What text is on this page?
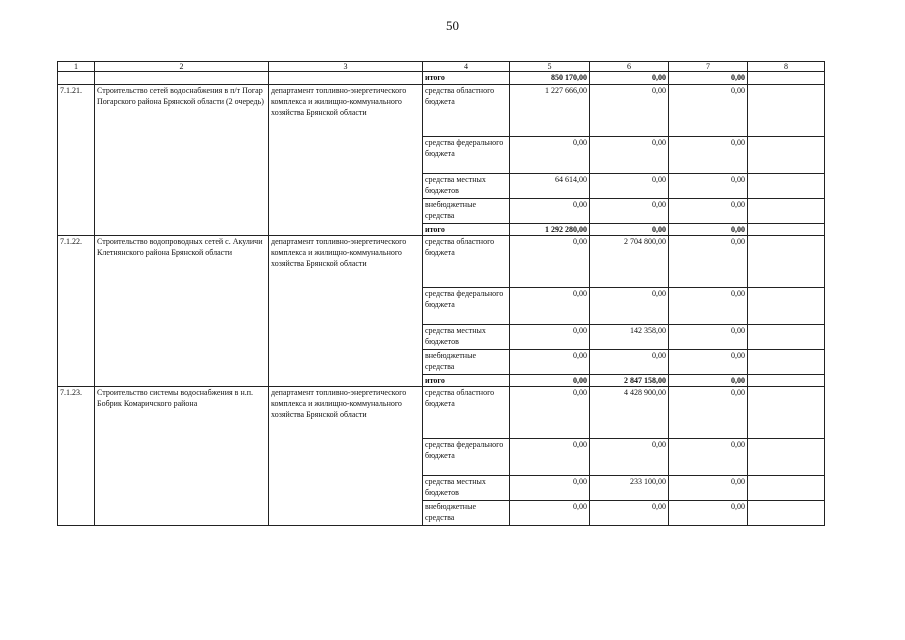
50
1	2	3	4	5	6	7	8
			итого	850 170,00	0,00	0,00	
7.1.21.	Строительство сетей водоснабжения в п/т Погар Погарского района Брянской области (2 очередь)	департамент топливно-энергетического комплекса и жилищно-коммунального хозяйства Брянской области	средства областного бюджета	1 227 666,00	0,00	0,00	
			средства федерального бюджета	0,00	0,00	0,00	
			средства местных бюджетов	64 614,00	0,00	0,00	
			внебюджетные средства	0,00	0,00	0,00	
			итого	1 292 280,00	0,00	0,00	
7.1.22.	Строительство водопроводных сетей с. Акуличи Клетнянского района Брянской области	департамент топливно-энергетического комплекса и жилищно-коммунального хозяйства Брянской области	средства областного бюджета	0,00	2 704 800,00	0,00	
			средства федерального бюджета	0,00	0,00	0,00	
			средства местных бюджетов	0,00	142 358,00	0,00	
			внебюджетные средства	0,00	0,00	0,00	
			итого	0,00	2 847 158,00	0,00	
7.1.23.	Строительство системы водоснабжения в н.п. Бобрик Комаричского района	департамент топливно-энергетического комплекса и жилищно-коммунального хозяйства Брянской области	средства областного бюджета	0,00	4 428 900,00	0,00	
			средства федерального бюджета	0,00	0,00	0,00	
			средства местных бюджетов	0,00	233 100,00	0,00	
			внебюджетные средства	0,00	0,00	0,00	
